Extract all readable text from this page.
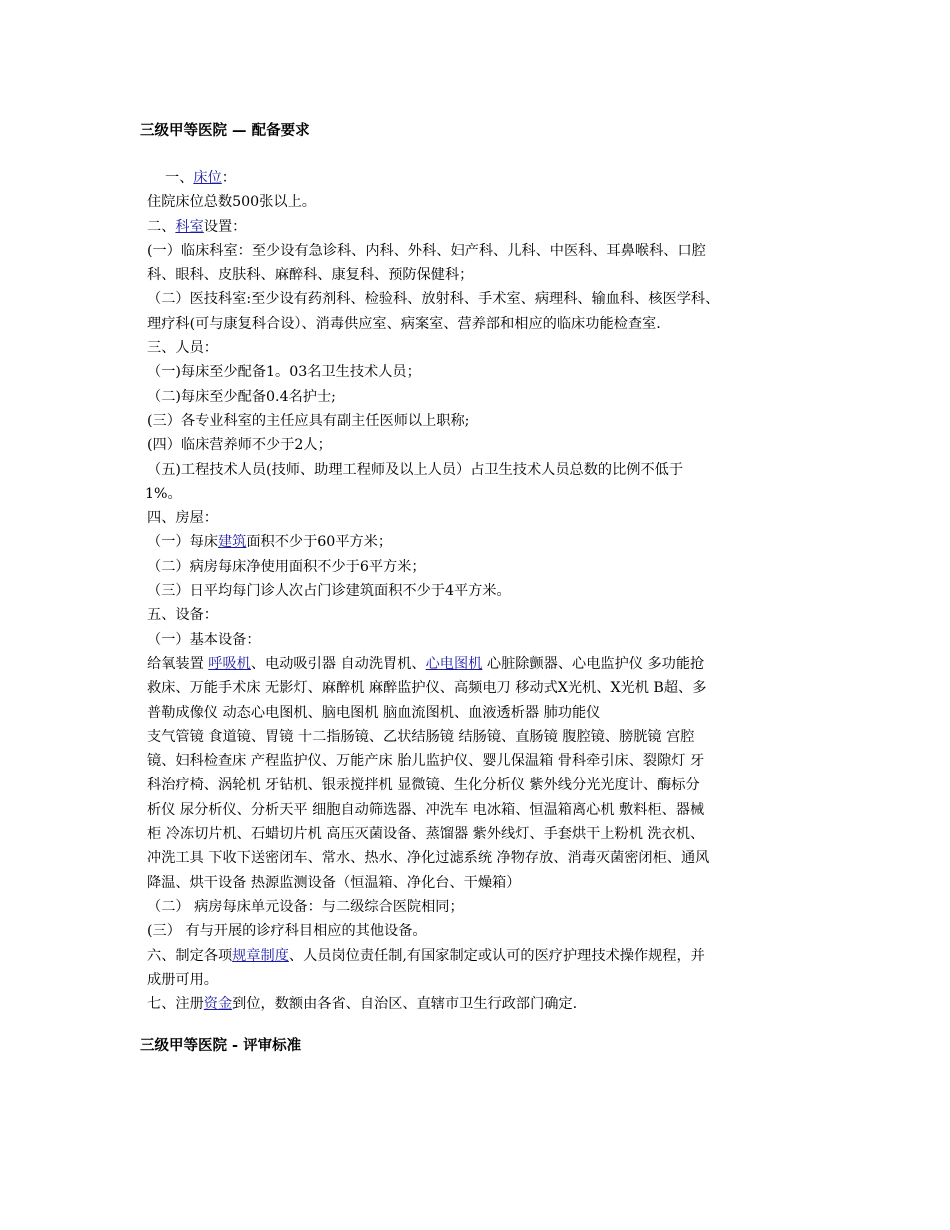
三级甲等医院 — 配备要求
一、床位：
住院床位总数500张以上。
二、科室设置：
(一）临床科室：至少设有急诊科、内科、外科、妇产科、儿科、中医科、耳鼻喉科、口腔
科、眼科、皮肤科、麻醉科、康复科、预防保健科；
（二）医技科室:至少设有药剂科、检验科、放射科、手术室、病理科、输血科、核医学科、
理疗科(可与康复科合设）、消毒供应室、病案室、营养部和相应的临床功能检查室.
三、人员：
（一)每床至少配备1。03名卫生技术人员；
（二)每床至少配备0.4名护士;
(三）各专业科室的主任应具有副主任医师以上职称;
(四）临床营养师不少于2人；
（五)工程技术人员(技师、助理工程师及以上人员）占卫生技术人员总数的比例不低于
1%。
四、房屋：
（一）每床建筑面积不少于60平方米；
（二）病房每床净使用面积不少于6平方米；
（三）日平均每门诊人次占门诊建筑面积不少于4平方米。
五、设备：
（一）基本设备：
给氧装置 呼吸机、电动吸引器 自动洗胃机、心电图机 心脏除颤器、心电监护仪 多功能抢
救床、万能手术床 无影灯、麻醉机 麻醉监护仪、高频电刀 移动式X光机、X光机 B超、多
普勒成像仪 动态心电图机、脑电图机 脑血流图机、血液透析器 肺功能仪
支气管镜 食道镜、胃镜 十二指肠镜、乙状结肠镜 结肠镜、直肠镜 腹腔镜、膀胱镜 宫腔
镜、妇科检查床 产程监护仪、万能产床 胎儿监护仪、婴儿保温箱 骨科牵引床、裂隙灯 牙
科治疗椅、涡轮机 牙钻机、银汞搅拌机 显微镜、生化分析仪 紫外线分光光度计、酶标分
析仪 尿分析仪、分析天平 细胞自动筛选器、冲洗车 电冰箱、恒温箱离心机 敷料柜、器械
柜 冷冻切片机、石蜡切片机 高压灭菌设备、蒸馏器 紫外线灯、手套烘干上粉机 洗衣机、
冲洗工具 下收下送密闭车、常水、热水、净化过滤系统 净物存放、消毒灭菌密闭柜、通风
降温、烘干设备 热源监测设备（恒温箱、净化台、干燥箱）
（二） 病房每床单元设备：与二级综合医院相同；
(三） 有与开展的诊疗科目相应的其他设备。
六、制定各项规章制度、人员岗位责任制,有国家制定或认可的医疗护理技术操作规程，并
成册可用。
七、注册资金到位，数额由各省、自治区、直辖市卫生行政部门确定.
三级甲等医院 - 评审标准
